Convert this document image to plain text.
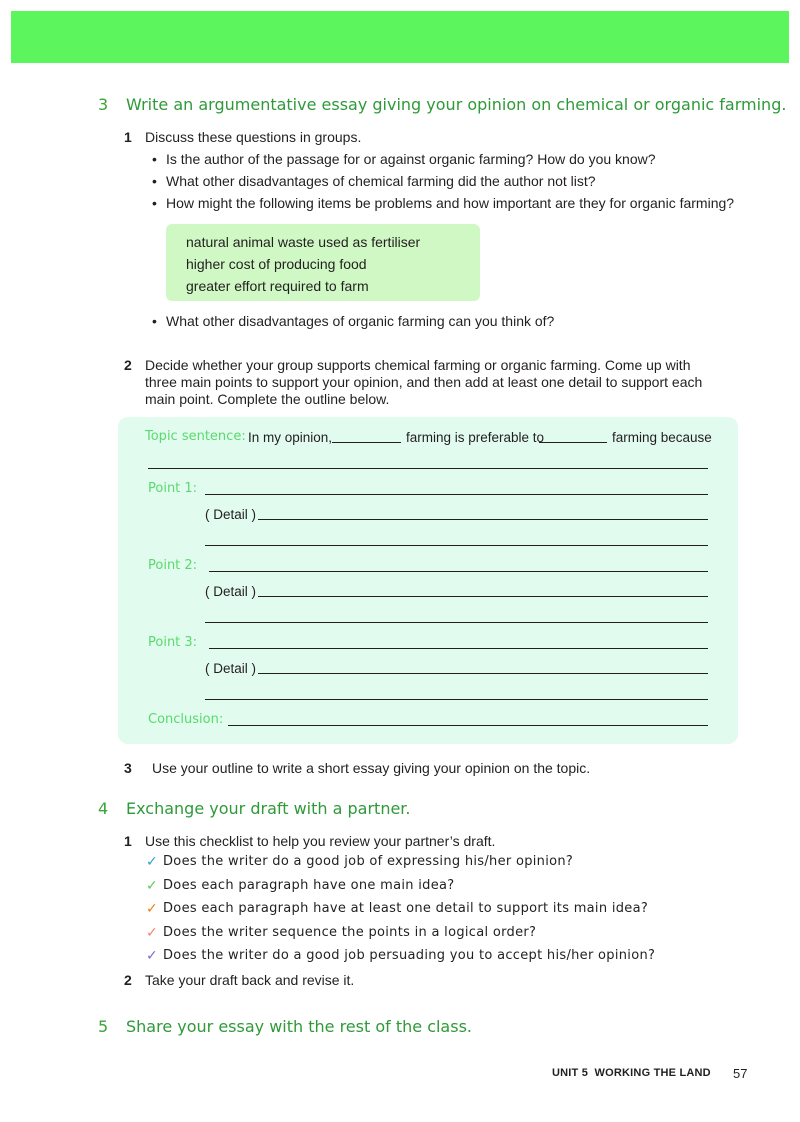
3 Write an argumentative essay giving your opinion on chemical or organic farming.
1 Discuss these questions in groups.
• Is the author of the passage for or against organic farming? How do you know?
• What other disadvantages of chemical farming did the author not list?
• How might the following items be problems and how important are they for organic farming?
natural animal waste used as fertiliser
higher cost of producing food
greater effort required to farm
• What other disadvantages of organic farming can you think of?
2 Decide whether your group supports chemical farming or organic farming. Come up with
three main points to support your opinion, and then add at least one detail to support each
main point. Complete the outline below.
Topic sentence: In my opinion,	farming is preferable to	farming because
Point 1:
( Detail )
Point 2:
( Detail )
Point 3:
( Detail )
Conclusion:
3 Use your outline to write a short essay giving your opinion on the topic.
4 Exchange your draft with a partner.
1 Use this checklist to help you review your partner’s draft.
✓ Does the writer do a good job of expressing his/her opinion?
✓ Does each paragraph have one main idea?
✓ Does each paragraph have at least one detail to support its main idea?
✓ Does the writer sequence the points in a logical order?
✓ Does the writer do a good job persuading you to accept his/her opinion?
2 Take your draft back and revise it.
5 Share your essay with the rest of the class.
UNIT 5  WORKING THE LAND 57
